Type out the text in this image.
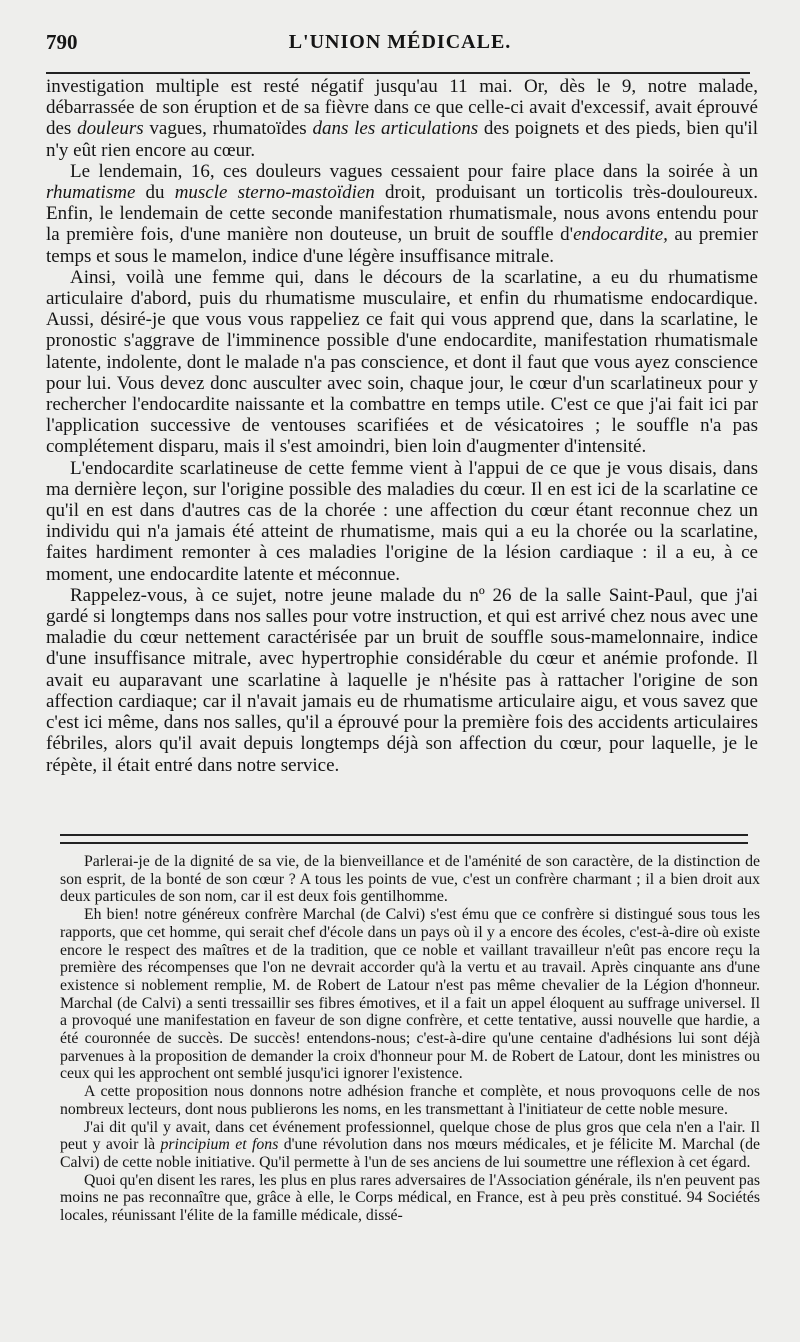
790	L'UNION MÉDICALE.

investigation multiple est resté négatif jusqu'au 11 mai. Or, dès le 9, notre malade, débarrassée de son éruption et de sa fièvre dans ce que celle-ci avait d'excessif, avait éprouvé des douleurs vagues, rhumatoïdes dans les articulations des poignets et des pieds, bien qu'il n'y eût rien encore au cœur.

Le lendemain, 16, ces douleurs vagues cessaient pour faire place dans la soirée à un rhumatisme du muscle sterno-mastoïdien droit, produisant un torticolis très-douloureux. Enfin, le lendemain de cette seconde manifestation rhumatismale, nous avons entendu pour la première fois, d'une manière non douteuse, un bruit de souffle d'endocardite, au premier temps et sous le mamelon, indice d'une légère insuffisance mitrale.

Ainsi, voilà une femme qui, dans le décours de la scarlatine, a eu du rhumatisme articulaire d'abord, puis du rhumatisme musculaire, et enfin du rhumatisme endocardique. Aussi, désiré-je que vous vous rappeliez ce fait qui vous apprend que, dans la scarlatine, le pronostic s'aggrave de l'imminence possible d'une endocardite, manifestation rhumatismale latente, indolente, dont le malade n'a pas conscience, et dont il faut que vous ayez conscience pour lui. Vous devez donc ausculter avec soin, chaque jour, le cœur d'un scarlatineux pour y rechercher l'endocardite naissante et la combattre en temps utile. C'est ce que j'ai fait ici par l'application successive de ventouses scarifiées et de vésicatoires ; le souffle n'a pas complétement disparu, mais il s'est amoindri, bien loin d'augmenter d'intensité.

L'endocardite scarlatineuse de cette femme vient à l'appui de ce que je vous disais, dans ma dernière leçon, sur l'origine possible des maladies du cœur. Il en est ici de la scarlatine ce qu'il en est dans d'autres cas de la chorée : une affection du cœur étant reconnue chez un individu qui n'a jamais été atteint de rhumatisme, mais qui a eu la chorée ou la scarlatine, faites hardiment remonter à ces maladies l'origine de la lésion cardiaque : il a eu, à ce moment, une endocardite latente et méconnue.

Rappelez-vous, à ce sujet, notre jeune malade du nº 26 de la salle Saint-Paul, que j'ai gardé si longtemps dans nos salles pour votre instruction, et qui est arrivé chez nous avec une maladie du cœur nettement caractérisée par un bruit de souffle sous-mamelonnaire, indice d'une insuffisance mitrale, avec hypertrophie considérable du cœur et anémie profonde. Il avait eu auparavant une scarlatine à laquelle je n'hésite pas à rattacher l'origine de son affection cardiaque; car il n'avait jamais eu de rhumatisme articulaire aigu, et vous savez que c'est ici même, dans nos salles, qu'il a éprouvé pour la première fois des accidents articulaires fébriles, alors qu'il avait depuis longtemps déjà son affection du cœur, pour laquelle, je le répète, il était entré dans notre service.

Parlerai-je de la dignité de sa vie, de la bienveillance et de l'aménité de son caractère, de la distinction de son esprit, de la bonté de son cœur ? A tous les points de vue, c'est un confrère charmant ; il a bien droit aux deux particules de son nom, car il est deux fois gentilhomme.

Eh bien! notre généreux confrère Marchal (de Calvi) s'est ému que ce confrère si distingué sous tous les rapports, que cet homme, qui serait chef d'école dans un pays où il y a encore des écoles, c'est-à-dire où existe encore le respect des maîtres et de la tradition, que ce noble et vaillant travailleur n'eût pas encore reçu la première des récompenses que l'on ne devrait accorder qu'à la vertu et au travail. Après cinquante ans d'une existence si noblement remplie, M. de Robert de Latour n'est pas même chevalier de la Légion d'honneur. Marchal (de Calvi) a senti tressaillir ses fibres émotives, et il a fait un appel éloquent au suffrage universel. Il a provoqué une manifestation en faveur de son digne confrère, et cette tentative, aussi nouvelle que hardie, a été couronnée de succès. De succès! entendons-nous; c'est-à-dire qu'une centaine d'adhésions lui sont déjà parvenues à la proposition de demander la croix d'honneur pour M. de Robert de Latour, dont les ministres ou ceux qui les approchent ont semblé jusqu'ici ignorer l'existence.

A cette proposition nous donnons notre adhésion franche et complète, et nous provoquons celle de nos nombreux lecteurs, dont nous publierons les noms, en les transmettant à l'initiateur de cette noble mesure.

J'ai dit qu'il y avait, dans cet événement professionnel, quelque chose de plus gros que cela n'en a l'air. Il peut y avoir là principium et fons d'une révolution dans nos mœurs médicales, et je félicite M. Marchal (de Calvi) de cette noble initiative. Qu'il permette à l'un de ses anciens de lui soumettre une réflexion à cet égard.

Quoi qu'en disent les rares, les plus en plus rares adversaires de l'Association générale, ils n'en peuvent pas moins ne pas reconnaître que, grâce à elle, le Corps médical, en France, est à peu près constitué. 94 Sociétés locales, réunissant l'élite de la famille médicale, dissé-
